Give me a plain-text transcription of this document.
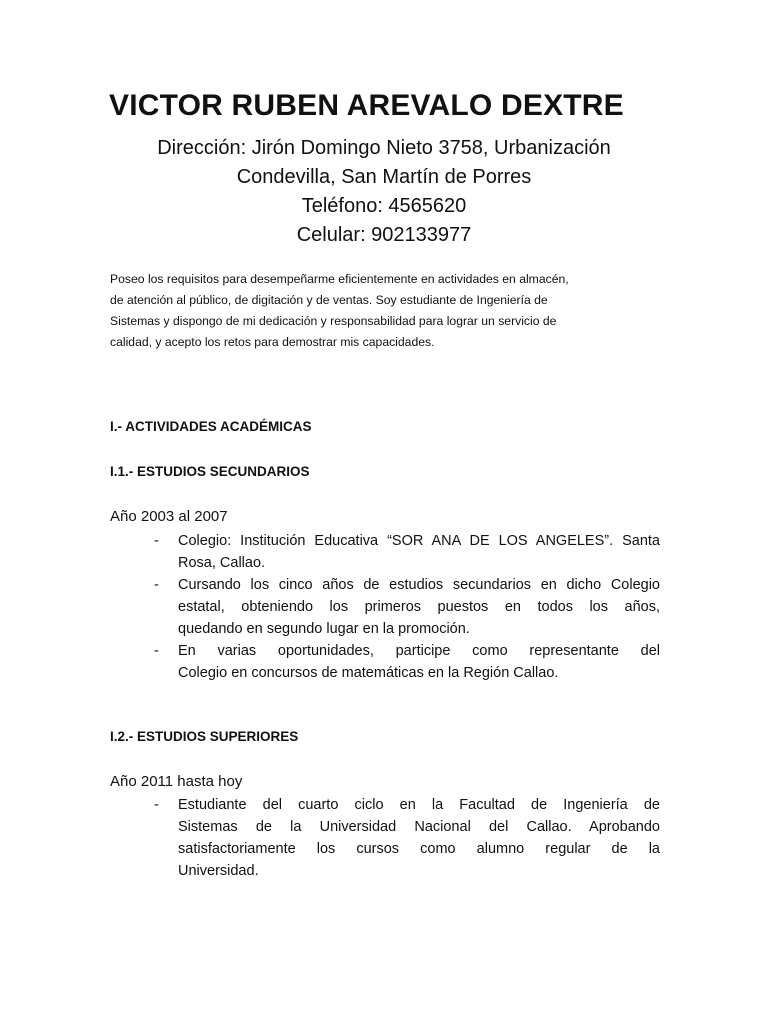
VICTOR RUBEN AREVALO DEXTRE
Dirección: Jirón Domingo Nieto 3758, Urbanización
Condevilla, San Martín de Porres
Teléfono: 4565620
Celular: 902133977
Poseo los requisitos para desempeñarme eficientemente en actividades en almacén,
de atención al público, de digitación y de ventas. Soy estudiante de Ingeniería de
Sistemas y dispongo de mi dedicación y responsabilidad para lograr un servicio de
calidad, y acepto los retos para demostrar mis capacidades.
I.- ACTIVIDADES ACADÉMICAS
I.1.- ESTUDIOS SECUNDARIOS
Año 2003 al 2007
- Colegio: Institución Educativa “SOR ANA DE LOS ANGELES”. Santa
Rosa, Callao.
- Cursando los cinco años de estudios secundarios en dicho Colegio
estatal, obteniendo los primeros puestos en todos los años,
quedando en segundo lugar en la promoción.
- En varias oportunidades, participe como representante del
Colegio en concursos de matemáticas en la Región Callao.
I.2.- ESTUDIOS SUPERIORES
Año 2011 hasta hoy
- Estudiante del cuarto ciclo en la Facultad de Ingeniería de
Sistemas de la Universidad Nacional del Callao. Aprobando
satisfactoriamente los cursos como alumno regular de la
Universidad.
